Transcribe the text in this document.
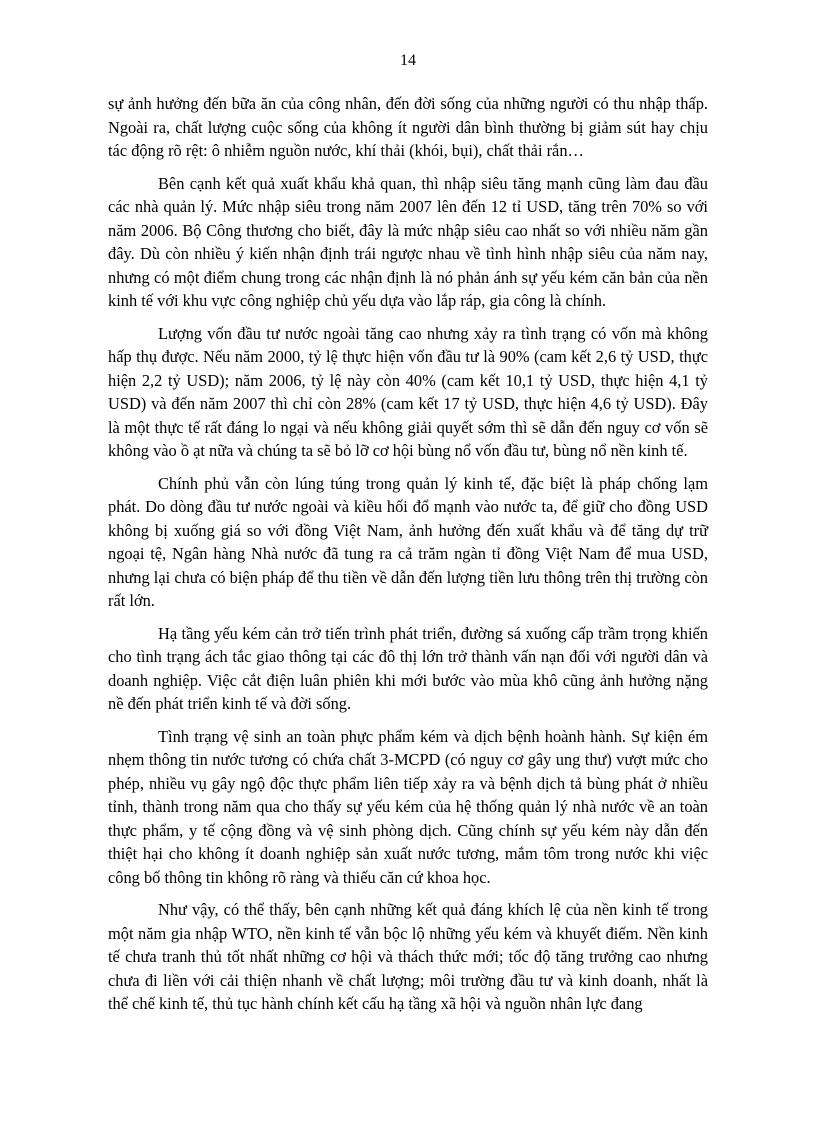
14

sự ảnh hưởng đến bữa ăn của công nhân, đến đời sống của những người có thu nhập thấp. Ngoài ra, chất lượng cuộc sống của không ít người dân bình thường bị giảm sút hay chịu tác động rõ rệt: ô nhiễm nguồn nước, khí thải (khói, bụi), chất thải rắn…

Bên cạnh kết quả xuất khẩu khả quan, thì nhập siêu tăng mạnh cũng làm đau đầu các nhà quản lý. Mức nhập siêu trong năm 2007 lên đến 12 tỉ USD, tăng trên 70% so với năm 2006. Bộ Công thương cho biết, đây là mức nhập siêu cao nhất so với nhiều năm gần đây. Dù còn nhiều ý kiến nhận định trái ngược nhau về tình hình nhập siêu của năm nay, nhưng có một điểm chung trong các nhận định là nó phản ánh sự yếu kém căn bản của nền kinh tế với khu vực công nghiệp chủ yếu dựa vào lắp ráp, gia công là chính.

Lượng vốn đầu tư nước ngoài tăng cao nhưng xảy ra tình trạng có vốn mà không hấp thụ được. Nếu năm 2000, tỷ lệ thực hiện vốn đầu tư là 90% (cam kết 2,6 tỷ USD, thực hiện 2,2 tỷ USD); năm 2006, tỷ lệ này còn 40% (cam kết 10,1 tỷ USD, thực hiện 4,1 tỷ USD) và đến năm 2007 thì chỉ còn 28% (cam kết 17 tỷ USD, thực hiện 4,6 tỷ USD). Đây là một thực tế rất đáng lo ngại và nếu không giải quyết sớm thì sẽ dẫn đến nguy cơ vốn sẽ không vào ồ ạt nữa và chúng ta sẽ bỏ lỡ cơ hội bùng nổ vốn đầu tư, bùng nổ nền kinh tế.

Chính phủ vẫn còn lúng túng trong quản lý kinh tế, đặc biệt là pháp chống lạm phát. Do dòng đầu tư nước ngoài và kiều hối đổ mạnh vào nước ta, để giữ cho đồng USD không bị xuống giá so với đồng Việt Nam, ảnh hưởng đến xuất khẩu và để tăng dự trữ ngoại tệ, Ngân hàng Nhà nước đã tung ra cả trăm ngàn tỉ đồng Việt Nam để mua USD, nhưng lại chưa có biện pháp để thu tiền về dẫn đến lượng tiền lưu thông trên thị trường còn rất lớn.

Hạ tầng yếu kém cản trở tiến trình phát triển, đường sá xuống cấp trầm trọng khiến cho tình trạng ách tắc giao thông tại các đô thị lớn trở thành vấn nạn đối với người dân và doanh nghiệp. Việc cắt điện luân phiên khi mới bước vào mùa khô cũng ảnh hưởng nặng nề đến phát triển kinh tế và đời sống.

Tình trạng vệ sinh an toàn phực phẩm kém và dịch bệnh hoành hành. Sự kiện ém nhẹm thông tin nước tương có chứa chất 3-MCPD (có nguy cơ gây ung thư) vượt mức cho phép, nhiều vụ gây ngộ độc thực phẩm liên tiếp xảy ra và bệnh dịch tả bùng phát ở nhiều tỉnh, thành trong năm qua cho thấy sự yếu kém của hệ thống quản lý nhà nước về an toàn thực phẩm, y tế cộng đồng và vệ sinh phòng dịch. Cũng chính sự yếu kém này dẫn đến thiệt hại cho không ít doanh nghiệp sản xuất nước tương, mắm tôm trong nước khi việc công bố thông tin không rõ ràng và thiếu căn cứ khoa học.

Như vậy, có thể thấy, bên cạnh những kết quả đáng khích lệ của nền kinh tế trong một năm gia nhập WTO, nền kinh tế vẫn bộc lộ những yếu kém và khuyết điểm. Nền kinh tế chưa tranh thủ tốt nhất những cơ hội và thách thức mới; tốc độ tăng trưởng cao nhưng chưa đi liền với cải thiện nhanh về chất lượng; môi trường đầu tư và kinh doanh, nhất là thể chế kinh tế, thủ tục hành chính kết cấu hạ tầng xã hội và nguồn nhân lực đang
